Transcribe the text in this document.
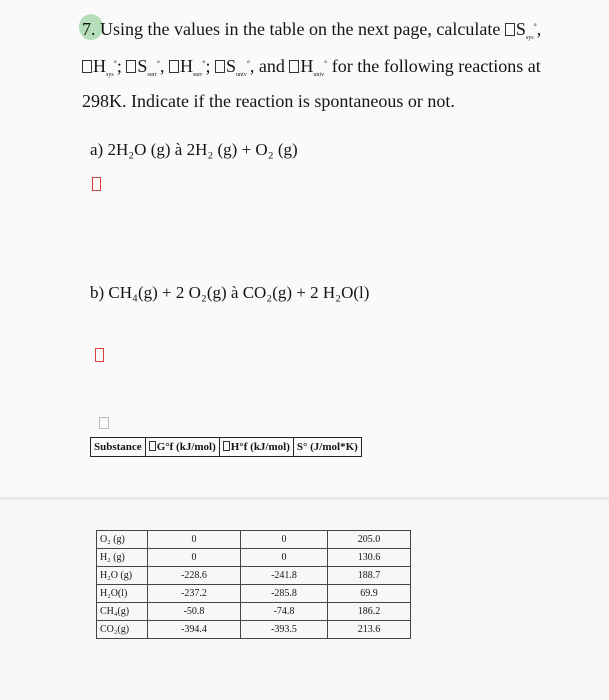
7. Using the values in the table on the next page, calculate $S_{sys}^\circ$,
$H_{sys}^\circ$; $S_{surr}^\circ$, $H_{surr}^\circ$; $S_{univ}^\circ$, and $H_{univ}^\circ$ for the following reactions at
298K. Indicate if the reaction is spontaneous or not.
a) 2H₂O (g) à 2H₂ (g) + O₂ (g)
b) CH₄(g) + 2 O₂(g) à CO₂(g) + 2 H₂O(l)
Substance	G°f (kJ/mol)	H°f (kJ/mol)	S° (J/mol*K)
O₂ (g)	0	0	205.0
H₂ (g)	0	0	130.6
H₂O (g)	-228.6	-241.8	188.7
H₂O(l)	-237.2	-285.8	69.9
CH₄(g)	-50.8	-74.8	186.2
CO₂(g)	-394.4	-393.5	213.6
